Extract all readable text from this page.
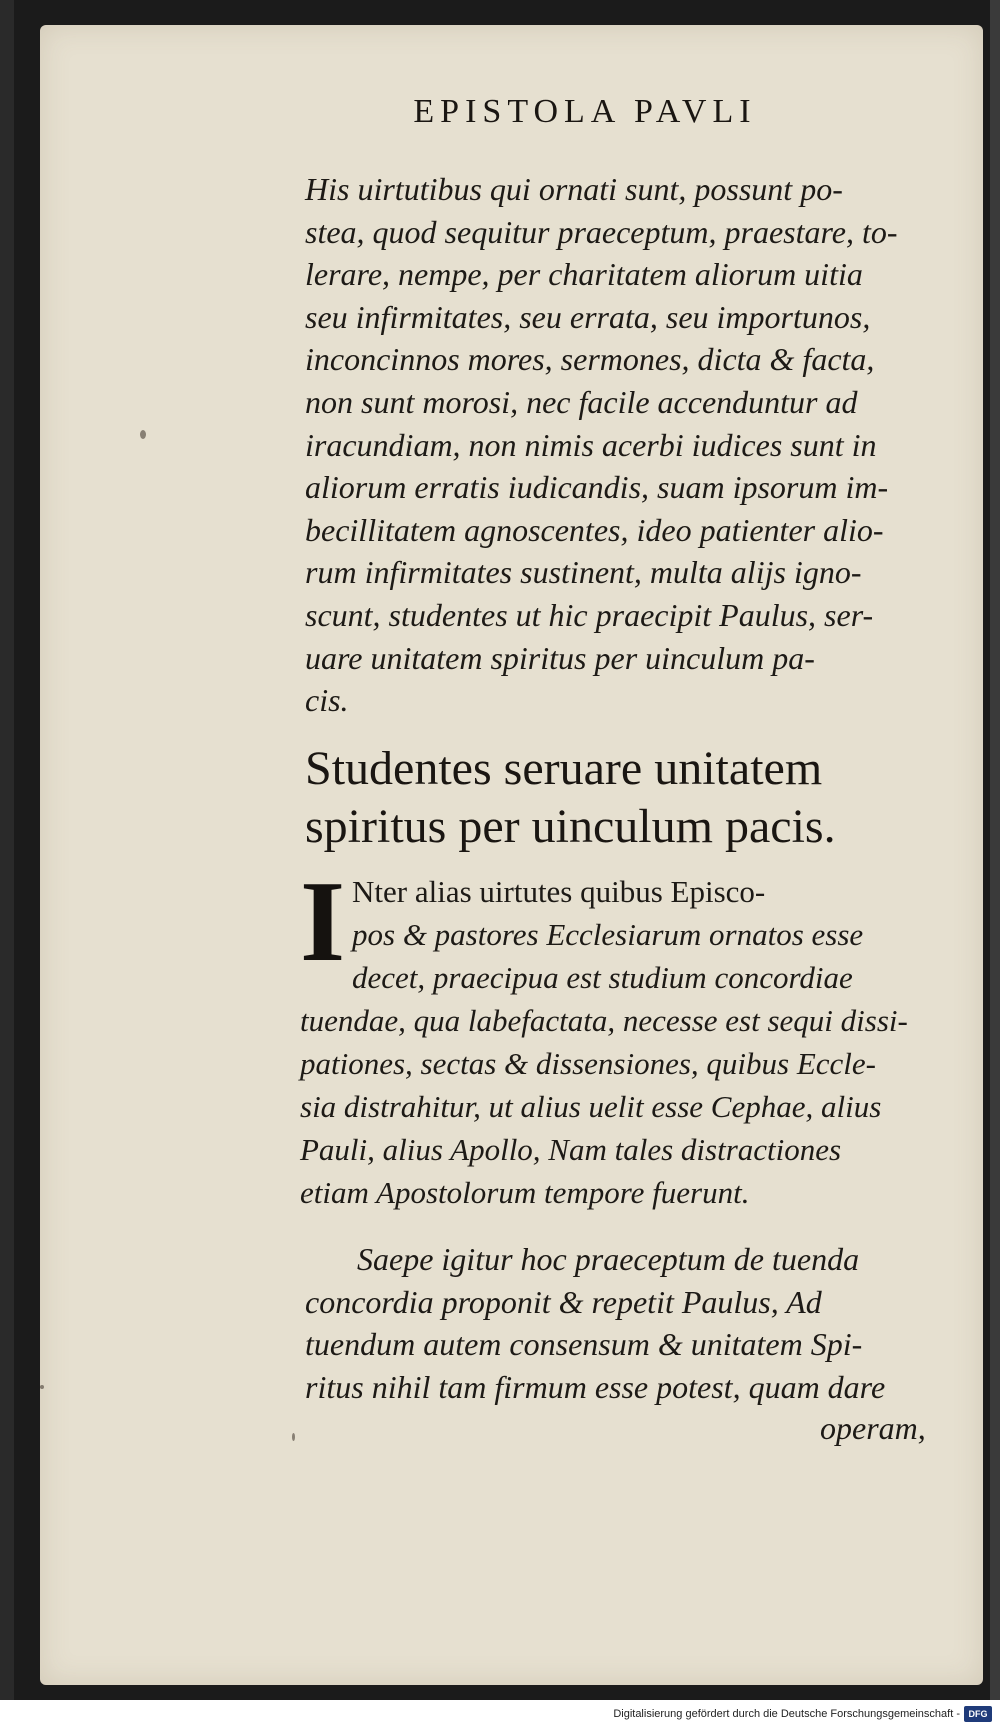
EPISTOLA PAVLI
His uirtutibus qui ornati sunt, possunt po-
stea, quod sequitur praeceptum, praestare, to-
lerare, nempe, per charitatem aliorum uitia
seu infirmitates, seu errata, seu importunos,
inconcinnos mores, sermones, dicta & facta,
non sunt morosi, nec facile accenduntur ad
iracundiam, non nimis acerbi iudices sunt in
aliorum erratis iudicandis, suam ipsorum im-
becillitatem agnoscentes, ideo patienter alio-
rum infirmitates sustinent, multa alijs igno-
scunt, studentes ut hic praecipit Paulus, ser-
uare unitatem spiritus per uinculum pa-
cis.
Studentes seruare unitatem
spiritus per uinculum pacis.
I Nter alias uirtutes quibus Episco-
pos & pastores Ecclesiarum ornatos esse
decet, praecipua est studium concordiae
tuendae, qua labefactata, necesse est sequi dissi-
pationes, sectas & dissensiones, quibus Eccle-
sia distrahitur, ut alius uelit esse Cephae, alius
Pauli, alius Apollo, Nam tales distractiones
etiam Apostolorum tempore fuerunt.
Saepe igitur hoc praeceptum de tuenda
concordia proponit & repetit Paulus, Ad
tuendum autem consensum & unitatem Spi-
ritus nihil tam firmum esse potest, quam dare
operam,
Digitalisierung gefördert durch die Deutsche Forschungsgemeinschaft - DFG
